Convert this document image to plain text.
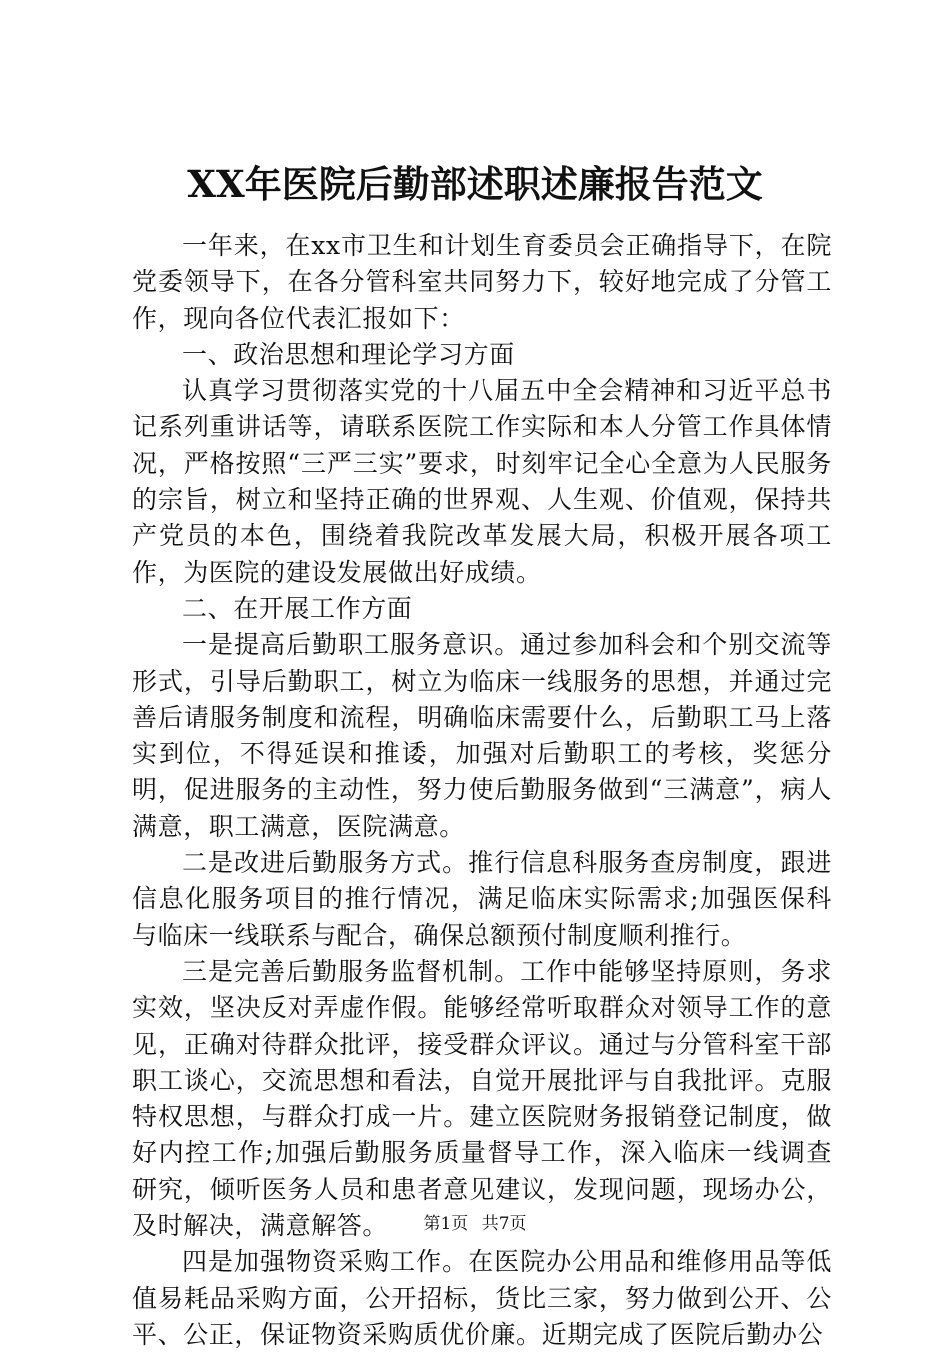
XX年医院后勤部述职述廉报告范文

一年来，在xx市卫生和计划生育委员会正确指导下，在院党委领导下，在各分管科室共同努力下，较好地完成了分管工作，现向各位代表汇报如下：

一、政治思想和理论学习方面

认真学习贯彻落实党的十八届五中全会精神和习近平总书记系列重讲话等，请联系医院工作实际和本人分管工作具体情况，严格按照“三严三实”要求，时刻牢记全心全意为人民服务的宗旨，树立和坚持正确的世界观、人生观、价值观，保持共产党员的本色，围绕着我院改革发展大局，积极开展各项工作，为医院的建设发展做出好成绩。

二、在开展工作方面

一是提高后勤职工服务意识。通过参加科会和个别交流等形式，引导后勤职工，树立为临床一线服务的思想，并通过完善后请服务制度和流程，明确临床需要什么，后勤职工马上落实到位，不得延误和推诿，加强对后勤职工的考核，奖惩分明，促进服务的主动性，努力使后勤服务做到“三满意”，病人满意，职工满意，医院满意。

二是改进后勤服务方式。推行信息科服务查房制度，跟进信息化服务项目的推行情况，满足临床实际需求;加强医保科与临床一线联系与配合，确保总额预付制度顺利推行。

三是完善后勤服务监督机制。工作中能够坚持原则，务求实效，坚决反对弄虚作假。能够经常听取群众对领导工作的意见，正确对待群众批评，接受群众评议。通过与分管科室干部职工谈心，交流思想和看法，自觉开展批评与自我批评。克服特权思想，与群众打成一片。建立医院财务报销登记制度，做好内控工作;加强后勤服务质量督导工作，深入临床一线调查研究，倾听医务人员和患者意见建议，发现问题，现场办公，及时解决，满意解答。

四是加强物资采购工作。在医院办公用品和维修用品等低值易耗品采购方面，公开招标，货比三家，努力做到公开、公平、公正，保证物资采购质优价廉。近期完成了医院后勤办公

第1页 共7页
